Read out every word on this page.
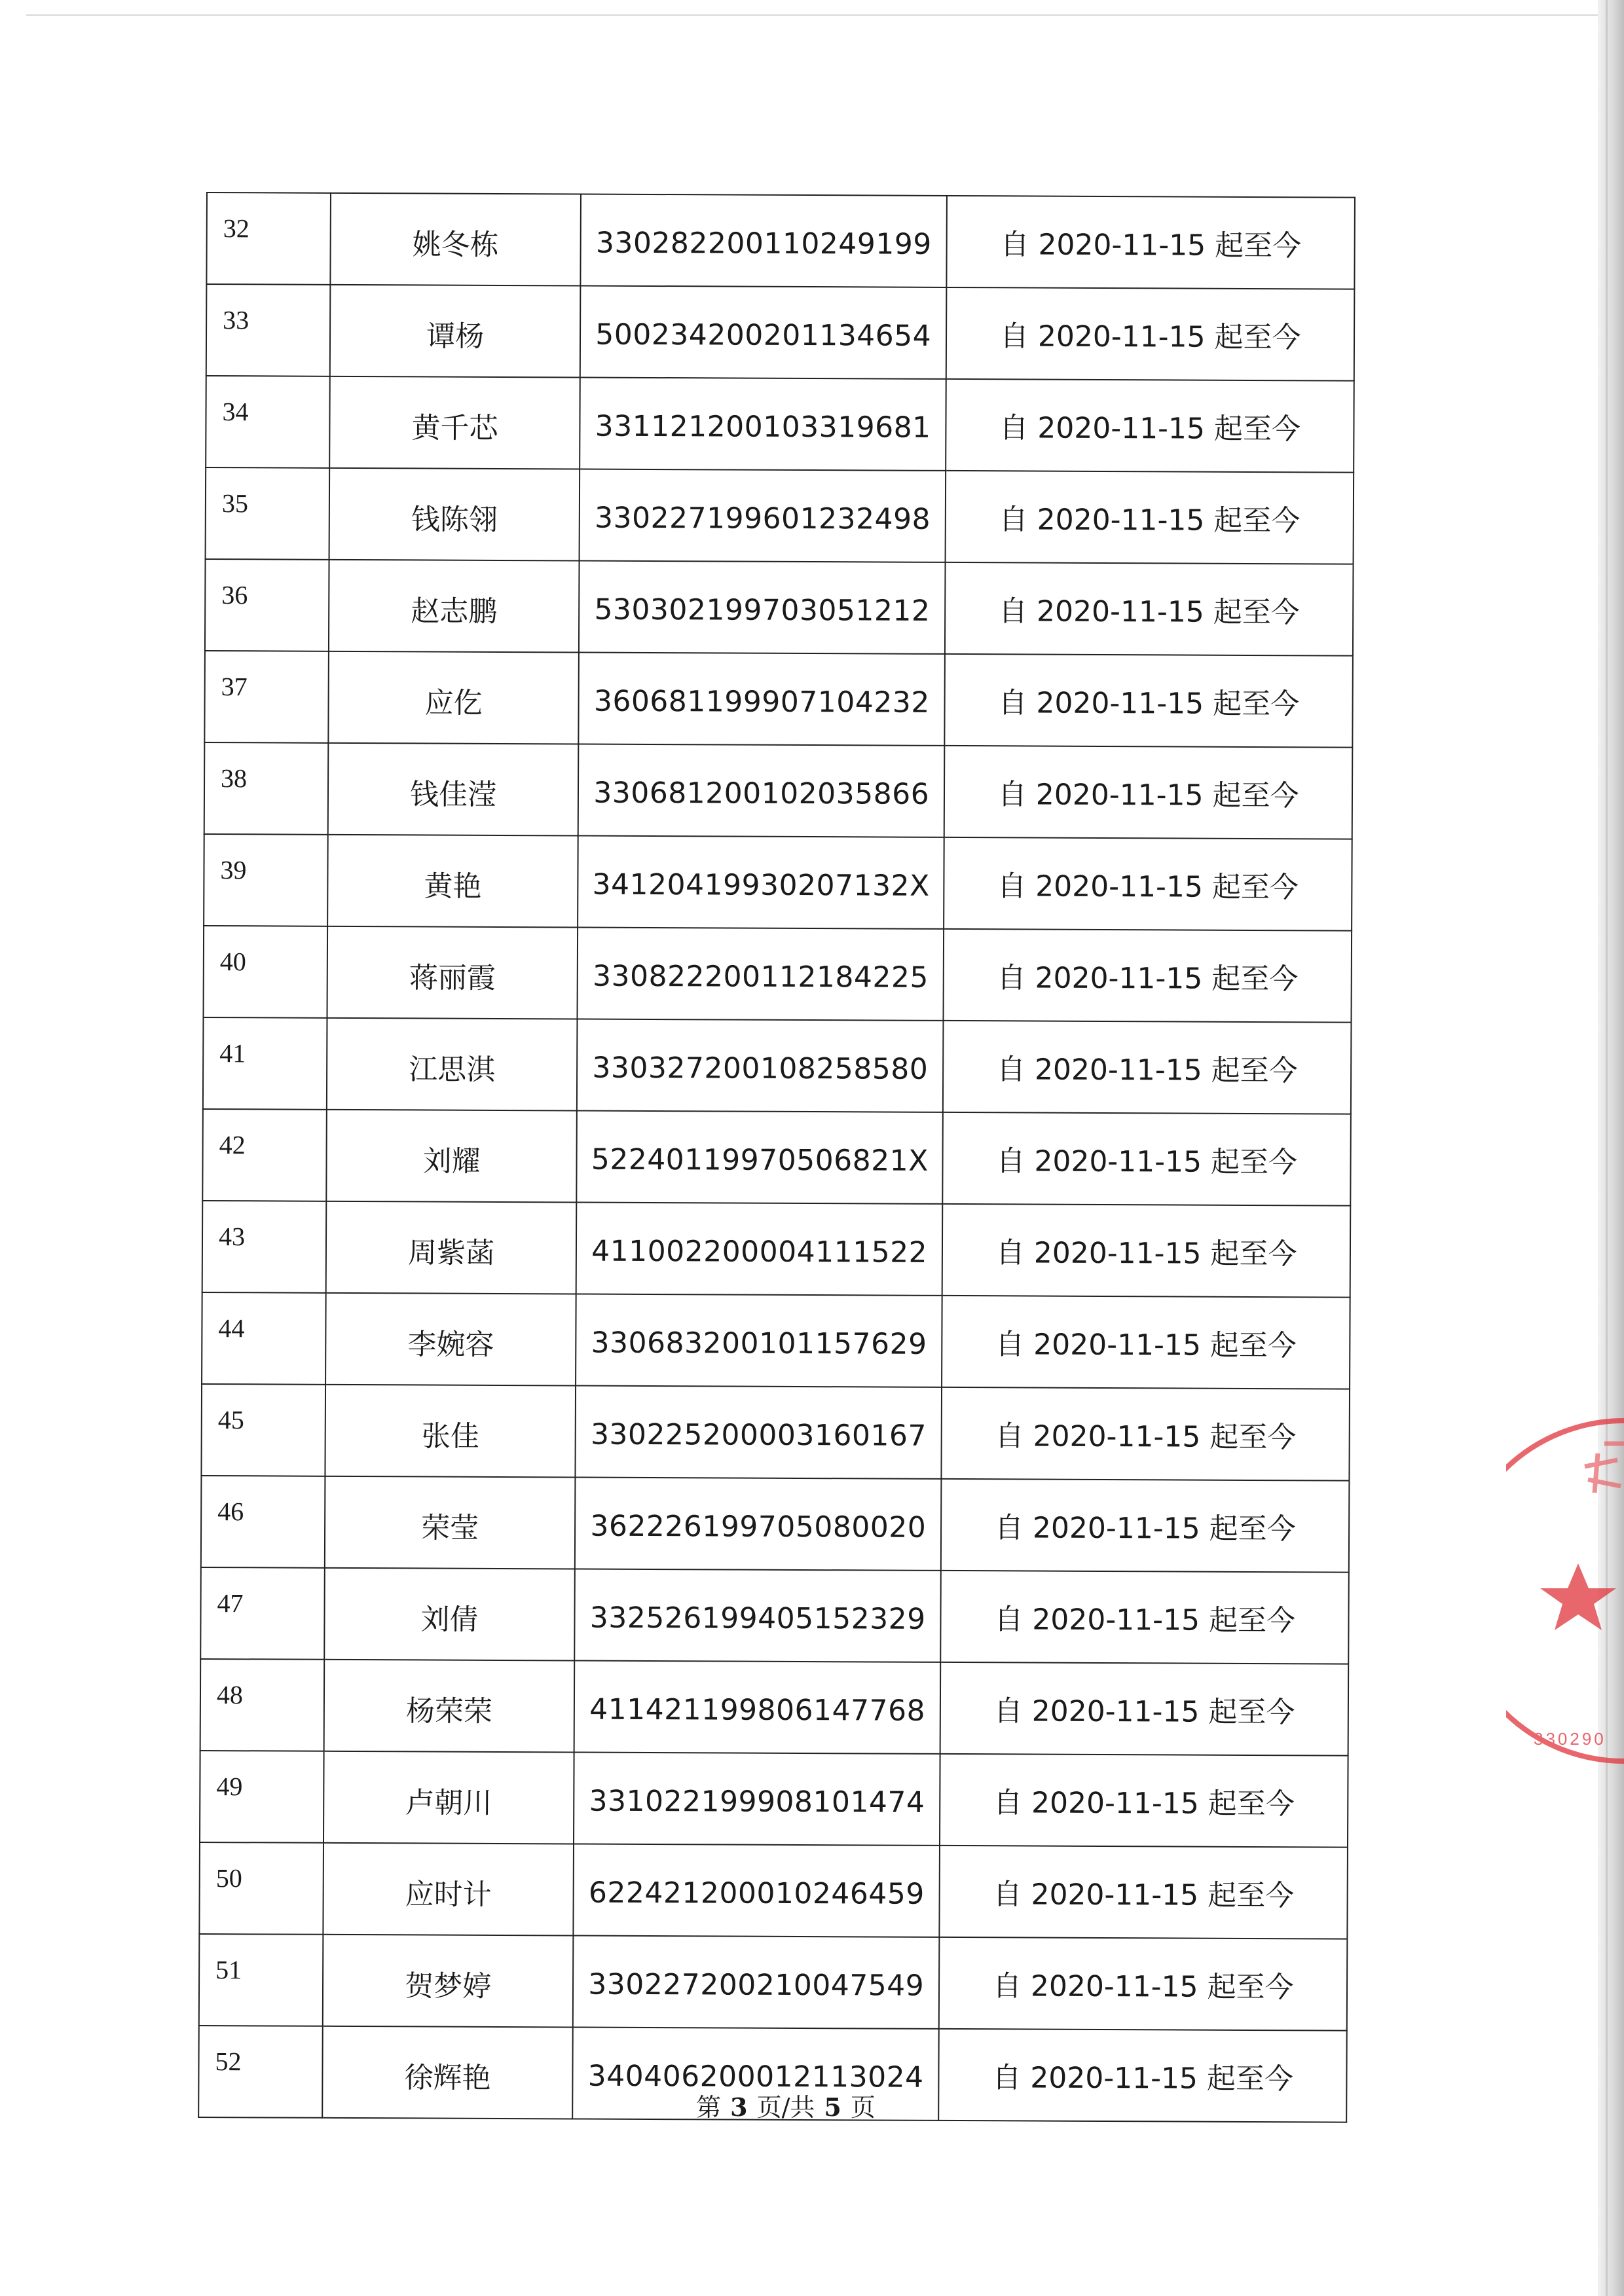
32	姚冬栋	330282200110249199	自 2020-11-15 起至今
33	谭杨	500234200201134654	自 2020-11-15 起至今
34	黄千芯	331121200103319681	自 2020-11-15 起至今
35	钱陈翎	330227199601232498	自 2020-11-15 起至今
36	赵志鹏	530302199703051212	自 2020-11-15 起至今
37	应仡	360681199907104232	自 2020-11-15 起至今
38	钱佳滢	330681200102035866	自 2020-11-15 起至今
39	黄艳	34120419930207132X	自 2020-11-15 起至今
40	蒋丽霞	330822200112184225	自 2020-11-15 起至今
41	江思淇	330327200108258580	自 2020-11-15 起至今
42	刘耀	52240119970506821X	自 2020-11-15 起至今
43	周紫菡	411002200004111522	自 2020-11-15 起至今
44	李婉容	330683200101157629	自 2020-11-15 起至今
45	张佳	330225200003160167	自 2020-11-15 起至今
46	荣莹	362226199705080020	自 2020-11-15 起至今
47	刘倩	332526199405152329	自 2020-11-15 起至今
48	杨荣荣	411421199806147768	自 2020-11-15 起至今
49	卢朝川	331022199908101474	自 2020-11-15 起至今
50	应时计	622421200010246459	自 2020-11-15 起至今
51	贺梦婷	330227200210047549	自 2020-11-15 起至今
52	徐辉艳	340406200012113024	自 2020-11-15 起至今
第 3 页/共 5 页
330290
